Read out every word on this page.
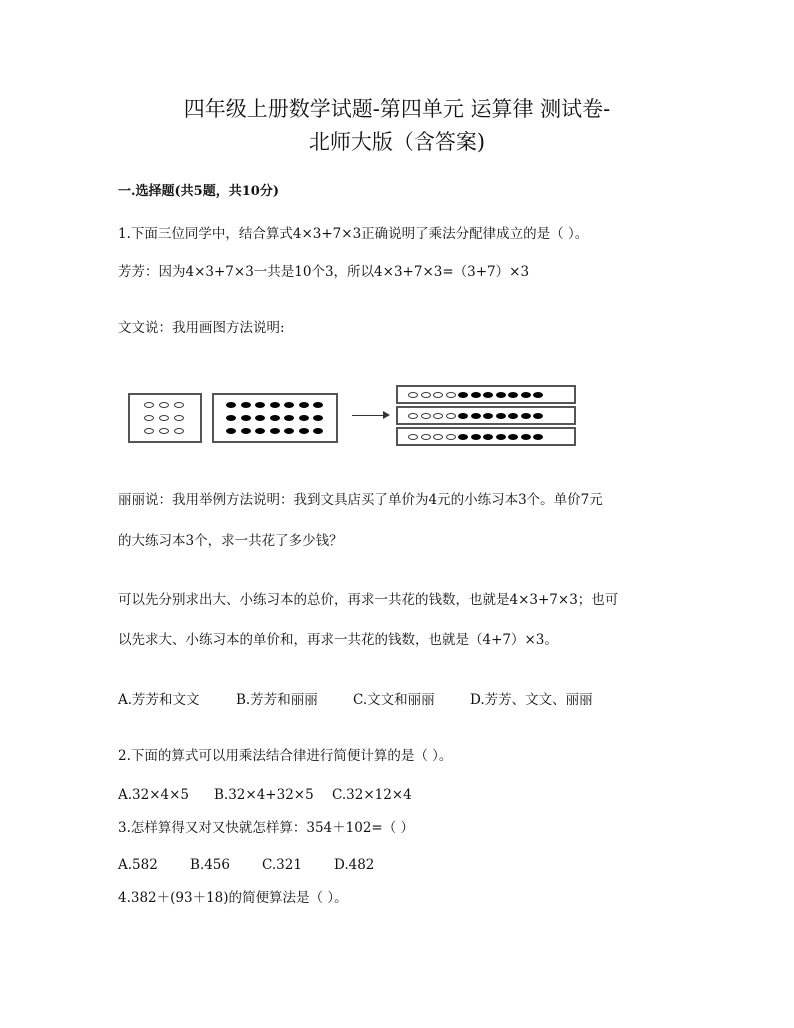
四年级上册数学试题-第四单元 运算律 测试卷-
北师大版（含答案)
一.选择题(共5题，共10分)
1.下面三位同学中，结合算式4×3+7×3正确说明了乘法分配律成立的是（ ）。
芳芳：因为4×3+7×3一共是10个3，所以4×3+7×3=（3+7）×3
文文说：我用画图方法说明:
丽丽说：我用举例方法说明：我到文具店买了单价为4元的小练习本3个。单价7元
的大练习本3个，求一共花了多少钱？
可以先分别求出大、小练习本的总价，再求一共花的钱数，也就是4×3+7×3；也可
以先求大、小练习本的单价和，再求一共花的钱数，也就是（4+7）×3。
A.芳芳和文文	B.芳芳和丽丽	C.文文和丽丽	D.芳芳、文文、丽丽
2.下面的算式可以用乘法结合律进行简便计算的是（ ）。
A.32×4×5	B.32×4+32×5	C.32×12×4
3.怎样算得又对又快就怎样算：354＋102=（ ）
A.582	B.456	C.321	D.482
4.382＋(93＋18)的简便算法是（ ）。
